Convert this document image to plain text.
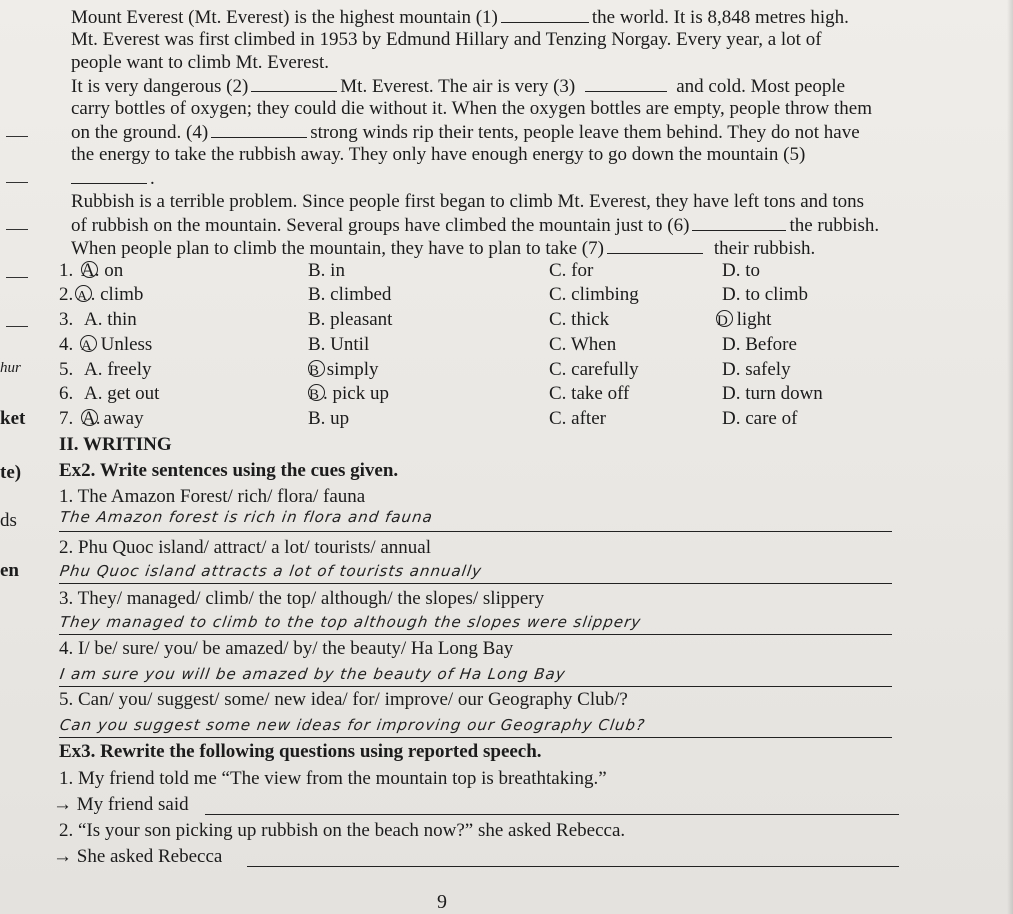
Mount Everest (Mt. Everest) is the highest mountain (1)	the world. It is 8,848 metres high.
Mt. Everest was first climbed in 1953 by Edmund Hillary and Tenzing Norgay. Every year, a lot of
people want to climb Mt. Everest.
It is very dangerous (2)	Mt. Everest. The air is very (3)	and cold. Most people
carry bottles of oxygen; they could die without it. When the oxygen bottles are empty, people throw them
on the ground. (4)	strong winds rip their tents, people leave them behind. They do not have
the energy to take the rubbish away. They only have enough energy to go down the mountain (5)
.
Rubbish is a terrible problem. Since people first began to climb Mt. Everest, they have left tons and tons
of rubbish on the mountain. Several groups have climbed the mountain just to (6)	the rubbish.
When people plan to climb the mountain, they have to plan to take (7)	their rubbish.
1. A. on	B. in	C. for	D. to
2. A.. climb	B. climbed	C. climbing	D. to climb
3. A. thin	B. pleasant	C. thick	D light
4. A Unless	B. Until	C. When	D. Before
5. A. freely	B simply	C. carefully	D. safely
6. A. get out	B . pick up	C. take off	D. turn down
7. A. away	B. up	C. after	D. care of
hur
ket
te)
ds
en
II. WRITING
Ex2. Write sentences using the cues given.
1. The Amazon Forest/ rich/ flora/ fauna
The Amazon forest is rich in flora and fauna
2. Phu Quoc island/ attract/ a lot/ tourists/ annual
Phu Quoc island attracts a lot of tourists annually
3. They/ managed/ climb/ the top/ although/ the slopes/ slippery
They managed to climb to the top although the slopes were slippery
4. I/ be/ sure/ you/ be amazed/ by/ the beauty/ Ha Long Bay
I am sure you will be amazed by the beauty of Ha Long Bay
5. Can/ you/ suggest/ some/ new idea/ for/ improve/ our Geography Club/?
Can you suggest some new ideas for improving our Geography Club?
Ex3. Rewrite the following questions using reported speech.
1. My friend told me “The view from the mountain top is breathtaking.”
→ My friend said
2. “Is your son picking up rubbish on the beach now?” she asked Rebecca.
→ She asked Rebecca
9
